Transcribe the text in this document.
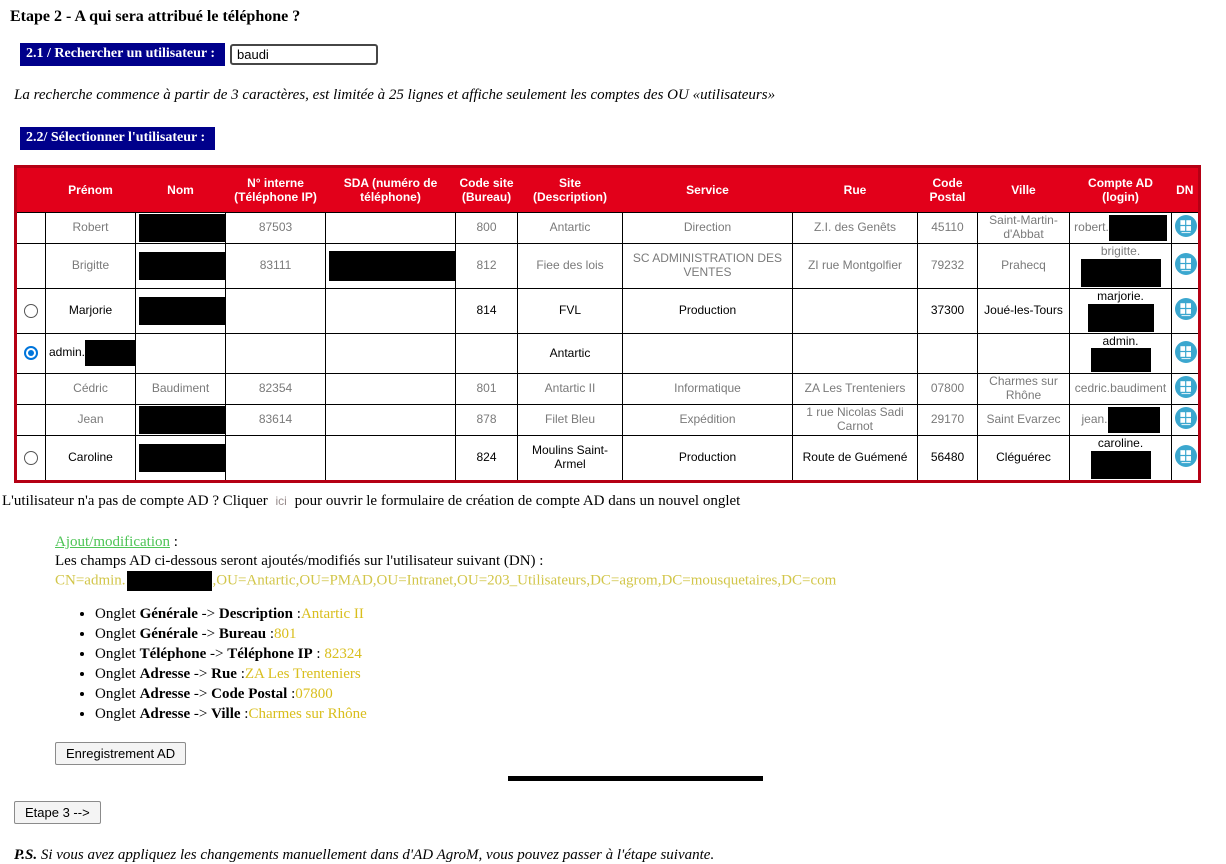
Etape 2 - A qui sera attribué le téléphone ?
2.1 / Rechercher un utilisateur :
baudi
La recherche commence à partir de 3 caractères, est limitée à 25 lignes et affiche seulement les comptes des OU «utilisateurs»
2.2/ Sélectionner l'utilisateur :
	Prénom	Nom	N° interne (Téléphone IP)	SDA (numéro de téléphone)	Code site (Bureau)	Site (Description)	Service	Rue	Code Postal	Ville	Compte AD (login)	DN
	Robert		87503		800	Antartic	Direction	Z.I. des Genêts	45110	Saint-Martin-d'Abbat	robert.	
	Brigitte		83111		812	Fiee des lois	SC ADMINISTRATION DES VENTES	ZI rue Montgolfier	79232	Prahecq	brigitte.	
	Marjorie				814	FVL	Production		37300	Joué-les-Tours	marjorie.	
	admin.					Antartic					admin.	
	Cédric	Baudiment	82354		801	Antartic II	Informatique	ZA Les Trenteniers	07800	Charmes sur Rhône	cedric.baudiment	
	Jean		83614		878	Filet Bleu	Expédition	1 rue Nicolas Sadi Carnot	29170	Saint Evarzec	jean.	
	Caroline				824	Moulins Saint-Armel	Production	Route de Guémené	56480	Cléguérec	caroline.	

L'utilisateur n'a pas de compte AD ? Cliquer ici pour ouvrir le formulaire de création de compte AD dans un nouvel onglet

Ajout/modification :
Les champs AD ci-dessous seront ajoutés/modifiés sur l'utilisateur suivant (DN) :
CN=admin.	,OU=Antartic,OU=PMAD,OU=Intranet,OU=203_Utilisateurs,DC=agrom,DC=mousquetaires,DC=com
• Onglet Générale -> Description :Antartic II
• Onglet Générale -> Bureau :801
• Onglet Téléphone -> Téléphone IP : 82324
• Onglet Adresse -> Rue :ZA Les Trenteniers
• Onglet Adresse -> Code Postal :07800
• Onglet Adresse -> Ville :Charmes sur Rhône
Enregistrement AD
Etape 3 -->

P.S. Si vous avez appliquez les changements manuellement dans d'AD AgroM, vous pouvez passer à l'étape suivante.
